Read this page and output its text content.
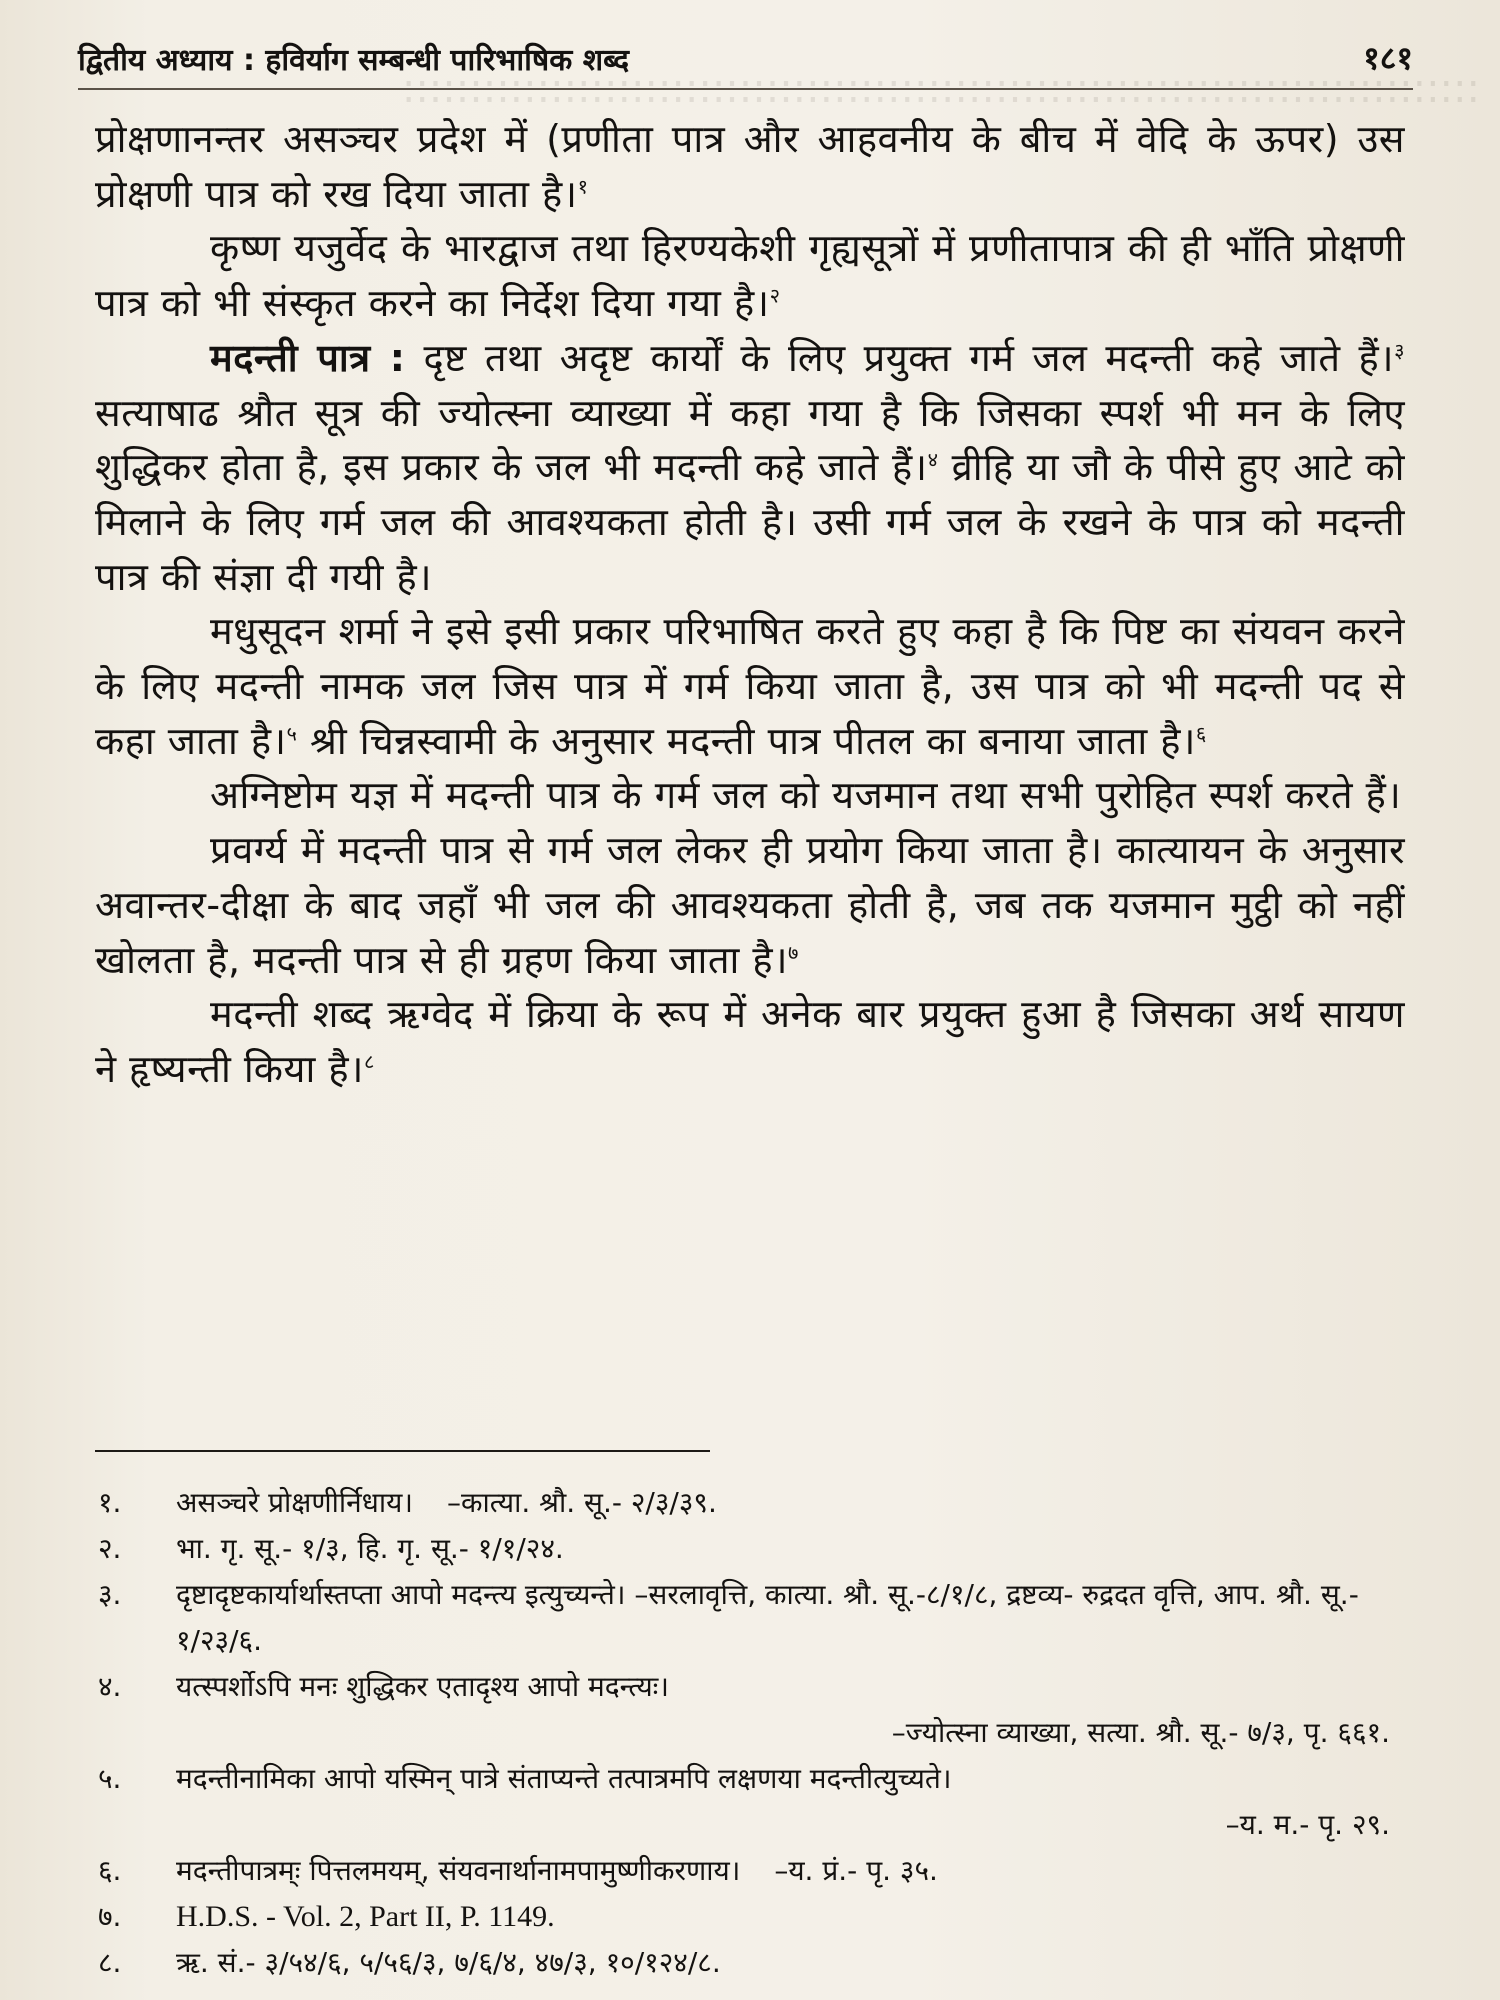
::::::::::::::::::::::::::::::::::::::::::::::::::::::::::::::::::::::::::::::::
द्वितीय अध्याय : हविर्याग सम्बन्धी पारिभाषिक शब्द	१८१

प्रोक्षणानन्तर असञ्चर प्रदेश में (प्रणीता पात्र और आहवनीय के बीच में वेदि के ऊपर) उस प्रोक्षणी पात्र को रख दिया जाता है।$^१$

कृष्ण यजुर्वेद के भारद्वाज तथा हिरण्यकेशी गृह्यसूत्रों में प्रणीतापात्र की ही भाँति प्रोक्षणी पात्र को भी संस्कृत करने का निर्देश दिया गया है।$^२$

मदन्ती पात्र : दृष्ट तथा अदृष्ट कार्यों के लिए प्रयुक्त गर्म जल मदन्ती कहे जाते हैं।$^३$ सत्याषाढ श्रौत सूत्र की ज्योत्स्ना व्याख्या में कहा गया है कि जिसका स्पर्श भी मन के लिए शुद्धिकर होता है, इस प्रकार के जल भी मदन्ती कहे जाते हैं।$^४$ व्रीहि या जौ के पीसे हुए आटे को मिलाने के लिए गर्म जल की आवश्यकता होती है। उसी गर्म जल के रखने के पात्र को मदन्ती पात्र की संज्ञा दी गयी है।

मधुसूदन शर्मा ने इसे इसी प्रकार परिभाषित करते हुए कहा है कि पिष्ट का संयवन करने के लिए मदन्ती नामक जल जिस पात्र में गर्म किया जाता है, उस पात्र को भी मदन्ती पद से कहा जाता है।$^५$ श्री चिन्नस्वामी के अनुसार मदन्ती पात्र पीतल का बनाया जाता है।$^६$

अग्निष्टोम यज्ञ में मदन्ती पात्र के गर्म जल को यजमान तथा सभी पुरोहित स्पर्श करते हैं।

प्रवर्ग्य में मदन्ती पात्र से गर्म जल लेकर ही प्रयोग किया जाता है। कात्यायन के अनुसार अवान्तर-दीक्षा के बाद जहाँ भी जल की आवश्यकता होती है, जब तक यजमान मुट्ठी को नहीं खोलता है, मदन्ती पात्र से ही ग्रहण किया जाता है।$^७$

मदन्ती शब्द ऋग्वेद में क्रिया के रूप में अनेक बार प्रयुक्त हुआ है जिसका अर्थ सायण ने हृष्यन्ती किया है।$^८$

१. असञ्चरे प्रोक्षणीर्निधाय। –कात्या. श्रौ. सू.- २/३/३९.
२. भा. गृ. सू.- १/३, हि. गृ. सू.- १/१/२४.
३. दृष्टादृष्टकार्यार्थास्तप्ता आपो मदन्त्य इत्युच्यन्ते। –सरलावृत्ति, कात्या. श्रौ. सू.-८/१/८, द्रष्टव्य- रुद्रदत वृत्ति, आप. श्रौ. सू.- १/२३/६.
४. यत्स्पर्शोऽपि मनः शुद्धिकर एतादृश्य आपो मदन्त्यः।
–ज्योत्स्ना व्याख्या, सत्या. श्रौ. सू.- ७/३, पृ. ६६१.
५. मदन्तीनामिका आपो यस्मिन् पात्रे संताप्यन्ते तत्पात्रमपि लक्षणया मदन्तीत्युच्यते।
–य. म.- पृ. २९.
६. मदन्तीपात्रम्ः पित्तलमयम्, संयवनार्थानामपामुष्णीकरणाय। –य. प्रं.- पृ. ३५.
७. H.D.S. - Vol. 2, Part II, P. 1149.
८. ऋ. सं.- ३/५४/६, ५/५६/३, ७/६/४, ४७/३, १०/१२४/८.
